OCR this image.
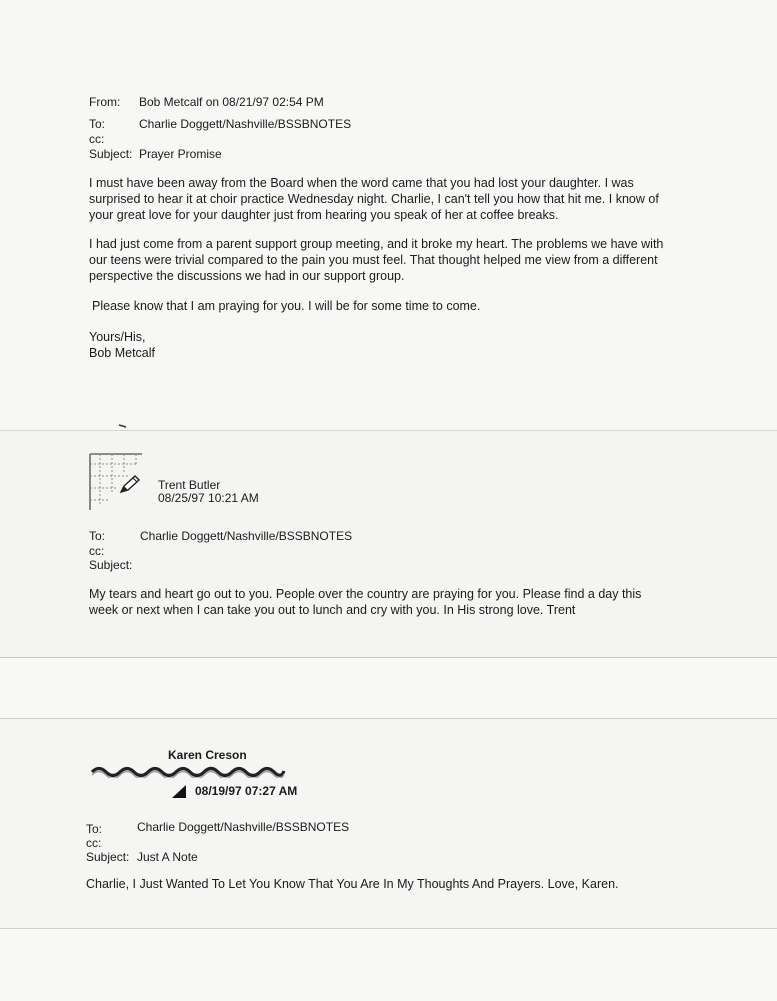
From: Bob Metcalf on 08/21/97 02:54 PM
To:	Charlie Doggett/Nashville/BSSBNOTES
cc:
Subject: Prayer Promise
I must have been away from the Board when the word came that you had lost your daughter. I was
surprised to hear it at choir practice Wednesday night. Charlie, I can't tell you how that hit me. I know of
your great love for your daughter just from hearing you speak of her at coffee breaks.
I had just come from a parent support group meeting, and it broke my heart. The problems we have with
our teens were trivial compared to the pain you must feel. That thought helped me view from a different
perspective the discussions we had in our support group.
Please know that I am praying for you. I will be for some time to come.
Yours/His,
Bob Metcalf
Trent Butler
08/25/97 10:21 AM
To:	Charlie Doggett/Nashville/BSSBNOTES
cc:
Subject:
My tears and heart go out to you. People over the country are praying for you. Please find a day this
week or next when I can take you out to lunch and cry with you. In His strong love. Trent
Karen Creson
08/19/97 07:27 AM
To:	Charlie Doggett/Nashville/BSSBNOTES
cc:
Subject: Just A Note
Charlie, I Just Wanted To Let You Know That You Are In My Thoughts And Prayers. Love, Karen.
